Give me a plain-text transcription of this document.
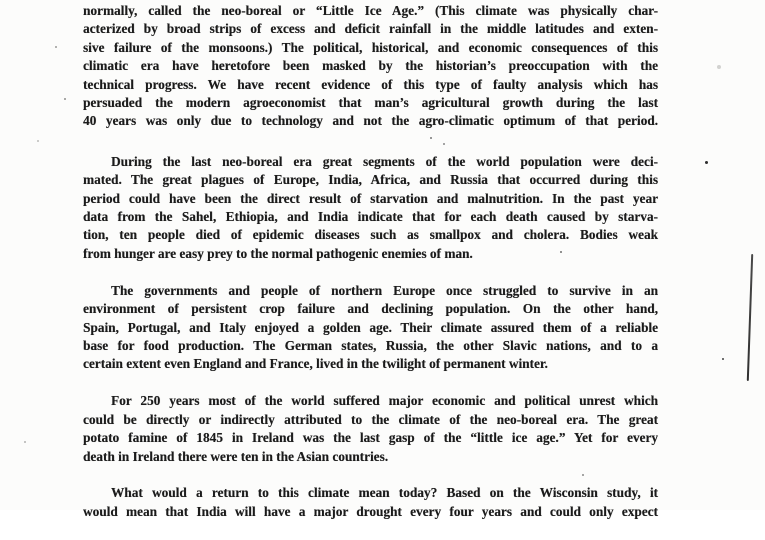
normally, called the neo-boreal or “Little Ice Age.” (This climate was physically char-
acterized by broad strips of excess and deficit rainfall in the middle latitudes and exten-
sive failure of the monsoons.) The political, historical, and economic consequences of this
climatic era have heretofore been masked by the historian’s preoccupation with the
technical progress. We have recent evidence of this type of faulty analysis which has
persuaded the modern agroeconomist that man’s agricultural growth during the last
40 years was only due to technology and not the agro-climatic optimum of that period.
During the last neo-boreal era great segments of the world population were deci-
mated. The great plagues of Europe, India, Africa, and Russia that occurred during this
period could have been the direct result of starvation and malnutrition. In the past year
data from the Sahel, Ethiopia, and India indicate that for each death caused by starva-
tion, ten people died of epidemic diseases such as smallpox and cholera. Bodies weak
from hunger are easy prey to the normal pathogenic enemies of man.
The governments and people of northern Europe once struggled to survive in an
environment of persistent crop failure and declining population. On the other hand,
Spain, Portugal, and Italy enjoyed a golden age. Their climate assured them of a reliable
base for food production. The German states, Russia, the other Slavic nations, and to a
certain extent even England and France, lived in the twilight of permanent winter.
For 250 years most of the world suffered major economic and political unrest which
could be directly or indirectly attributed to the climate of the neo-boreal era. The great
potato famine of 1845 in Ireland was the last gasp of the “little ice age.” Yet for every
death in Ireland there were ten in the Asian countries.
What would a return to this climate mean today? Based on the Wisconsin study, it
would mean that India will have a major drought every four years and could only expect
